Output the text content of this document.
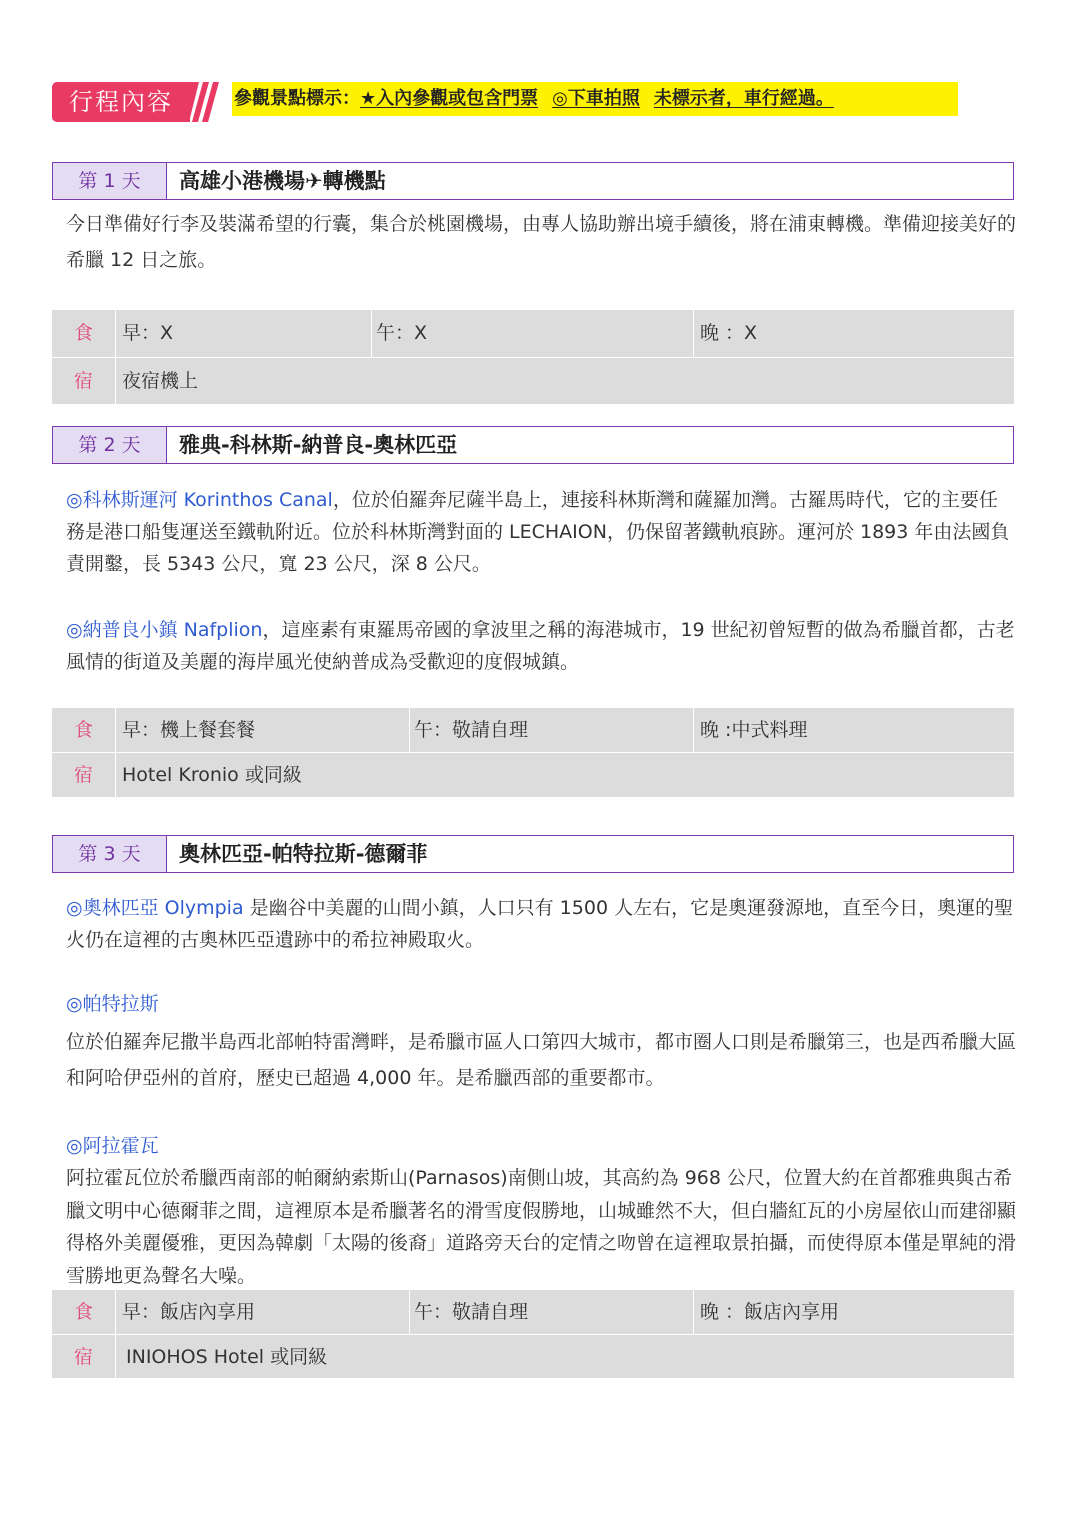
行程內容	參觀景點標示：★入內參觀或包含門票 ◎下車拍照 未標示者，車行經過。
第 1 天	高雄小港機場✈轉機點
今日準備好行李及裝滿希望的行囊，集合於桃園機場，由專人協助辦出境手續後，將在浦東轉機。準備迎接美好的希臘 12 日之旅。
食	早：X	午：X	晚 ：X
宿	夜宿機上
第 2 天	雅典-科林斯-納普良-奧林匹亞
◎科林斯運河 Korinthos Canal，位於伯羅奔尼薩半島上，連接科林斯灣和薩羅加灣。古羅馬時代，它的主要任務是港口船隻運送至鐵軌附近。位於科林斯灣對面的 LECHAION，仍保留著鐵軌痕跡。運河於 1893 年由法國負責開鑿，長 5343 公尺，寬 23 公尺，深 8 公尺。
◎納普良小鎮 Nafplion，這座素有東羅馬帝國的拿波里之稱的海港城市，19 世紀初曾短暫的做為希臘首都，古老風情的街道及美麗的海岸風光使納普成為受歡迎的度假城鎮。
食	早：機上餐套餐	午：敬請自理	晚 :中式料理
宿	Hotel Kronio 或同級
第 3 天	奧林匹亞-帕特拉斯-德爾菲
◎奧林匹亞 Olympia 是幽谷中美麗的山間小鎮，人口只有 1500 人左右，它是奧運發源地，直至今日，奧運的聖火仍在這裡的古奧林匹亞遺跡中的希拉神殿取火。
◎帕特拉斯
位於伯羅奔尼撒半島西北部帕特雷灣畔，是希臘市區人口第四大城市，都市圈人口則是希臘第三，也是西希臘大區和阿哈伊亞州的首府，歷史已超過 4,000 年。是希臘西部的重要都市。
◎阿拉霍瓦
阿拉霍瓦位於希臘西南部的帕爾納索斯山(Parnasos)南側山坡，其高約為 968 公尺，位置大約在首都雅典與古希臘文明中心德爾菲之間，這裡原本是希臘著名的滑雪度假勝地，山城雖然不大，但白牆紅瓦的小房屋依山而建卻顯得格外美麗優雅，更因為韓劇「太陽的後裔」道路旁天台的定情之吻曾在這裡取景拍攝，而使得原本僅是單純的滑雪勝地更為聲名大噪。
食	早：飯店內享用	午：敬請自理	晚 ：飯店內享用
宿	INIOHOS Hotel 或同級
